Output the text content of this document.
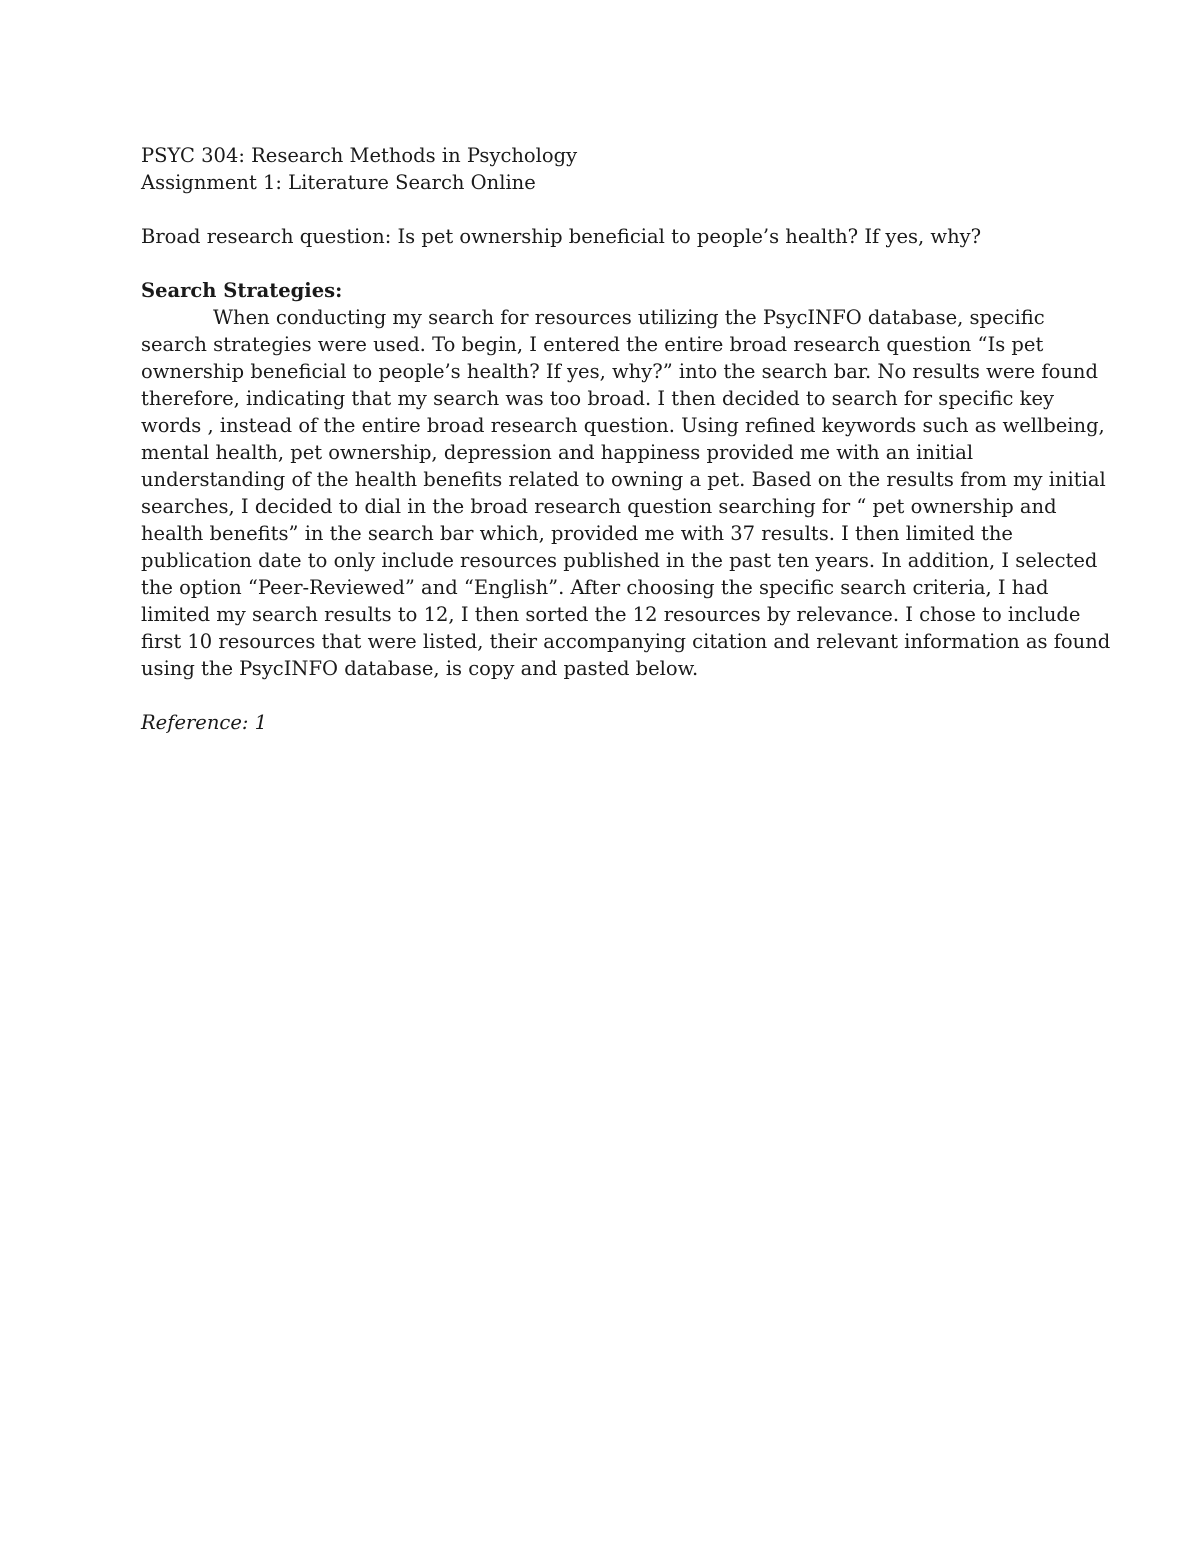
PSYC 304: Research Methods in Psychology
Assignment 1: Literature Search Online
Broad research question: Is pet ownership beneficial to people’s health? If yes, why?
Search Strategies:
When conducting my search for resources utilizing the PsycINFO database, specific
search strategies were used. To begin, I entered the entire broad research question “Is pet
ownership beneficial to people’s health? If yes, why?” into the search bar. No results were found
therefore, indicating that my search was too broad. I then decided to search for specific key
words , instead of the entire broad research question. Using refined keywords such as wellbeing,
mental health, pet ownership, depression and happiness provided me with an initial
understanding of the health benefits related to owning a pet. Based on the results from my initial
searches, I decided to dial in the broad research question searching for “ pet ownership and
health benefits” in the search bar which, provided me with 37 results. I then limited the
publication date to only include resources published in the past ten years. In addition, I selected
the option “Peer-Reviewed” and “English”. After choosing the specific search criteria, I had
limited my search results to 12, I then sorted the 12 resources by relevance. I chose to include
first 10 resources that were listed, their accompanying citation and relevant information as found
using the PsycINFO database, is copy and pasted below.
Reference: 1
